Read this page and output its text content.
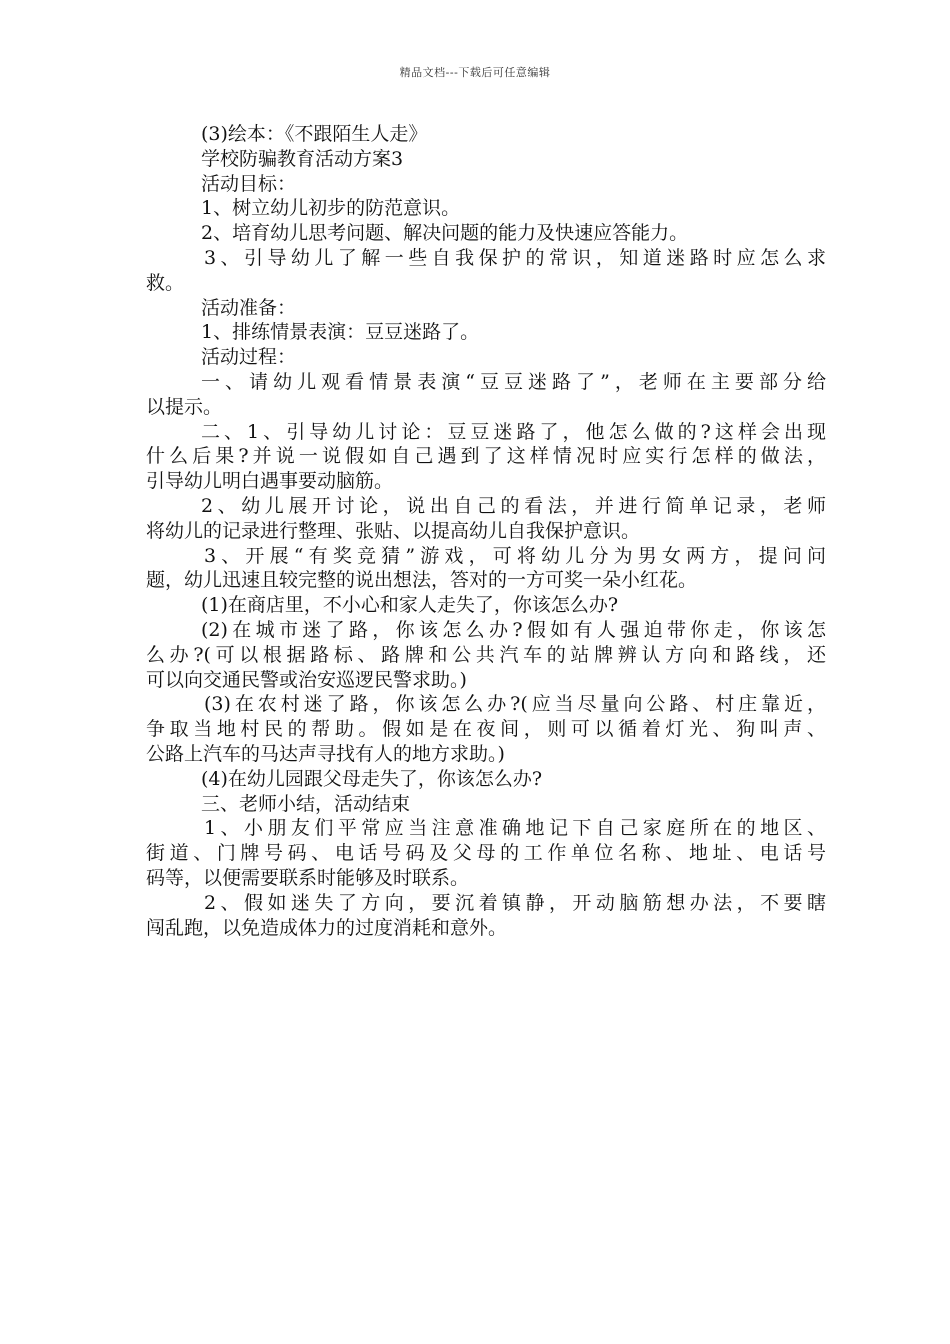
精品文档---下载后可任意编辑
(3)绘本：《不跟陌生人走》
学校防骗教育活动方案3
活动目标：
1、树立幼儿初步的防范意识。
2、培育幼儿思考问题、解决问题的能力及快速应答能力。
3、引导幼儿了解一些自我保护的常识，知道迷路时应怎么求
救。
活动准备：
1、排练情景表演：豆豆迷路了。
活动过程：
一、请幼儿观看情景表演“豆豆迷路了”，老师在主要部分给
以提示。
二、1、引导幼儿讨论：豆豆迷路了，他怎么做的?这样会出现
什么后果?并说一说假如自己遇到了这样情况时应实行怎样的做法，
引导幼儿明白遇事要动脑筋。
2、幼儿展开讨论，说出自己的看法，并进行简单记录，老师
将幼儿的记录进行整理、张贴、以提高幼儿自我保护意识。
3、开展“有奖竞猜”游戏，可将幼儿分为男女两方，提问问
题，幼儿迅速且较完整的说出想法，答对的一方可奖一朵小红花。
(1)在商店里，不小心和家人走失了，你该怎么办?
(2)在城市迷了路，你该怎么办?假如有人强迫带你走，你该怎
么办?(可以根据路标、路牌和公共汽车的站牌辨认方向和路线，还
可以向交通民警或治安巡逻民警求助。)
(3)在农村迷了路，你该怎么办?(应当尽量向公路、村庄靠近，
争取当地村民的帮助。假如是在夜间，则可以循着灯光、狗叫声、
公路上汽车的马达声寻找有人的地方求助。)
(4)在幼儿园跟父母走失了，你该怎么办?
三、老师小结，活动结束
1、小朋友们平常应当注意准确地记下自己家庭所在的地区、
街道、门牌号码、电话号码及父母的工作单位名称、地址、电话号
码等，以便需要联系时能够及时联系。
2、假如迷失了方向，要沉着镇静，开动脑筋想办法，不要瞎
闯乱跑，以免造成体力的过度消耗和意外。
